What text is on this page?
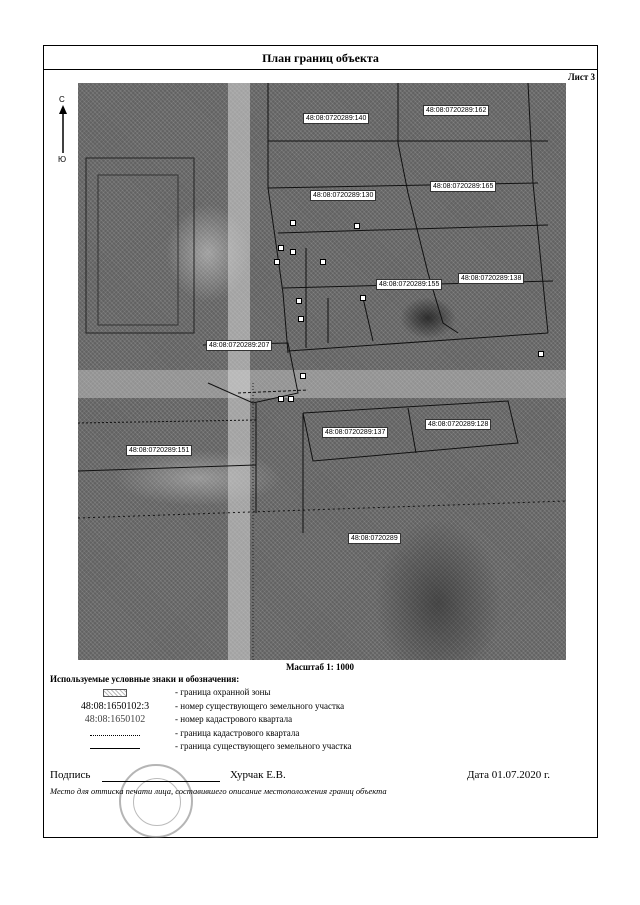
План границ объекта
Лист 3
С
Ю
48:08:0720289:140
48:08:0720289:162
48:08:0720289:130
48:08:0720289:165
48:08:0720289:138
48:08:0720289:155
48:08:0720289:207
48:08:0720289:151
48:08:0720289:137
48:08:0720289:128
48:08:0720289
Масштаб 1: 1000
Используемые условные знаки и обозначения:
- граница охранной зоны
48:08:1650102:3	- номер существующего земельного участка
48:08:1650102	- номер кадастрового квартала
- граница кадастрового квартала
- граница существующего земельного участка
Подпись	Хурчак Е.В.	Дата 01.07.2020 г.
Место для оттиска печати лица, составившего описание местоположения границ объекта
